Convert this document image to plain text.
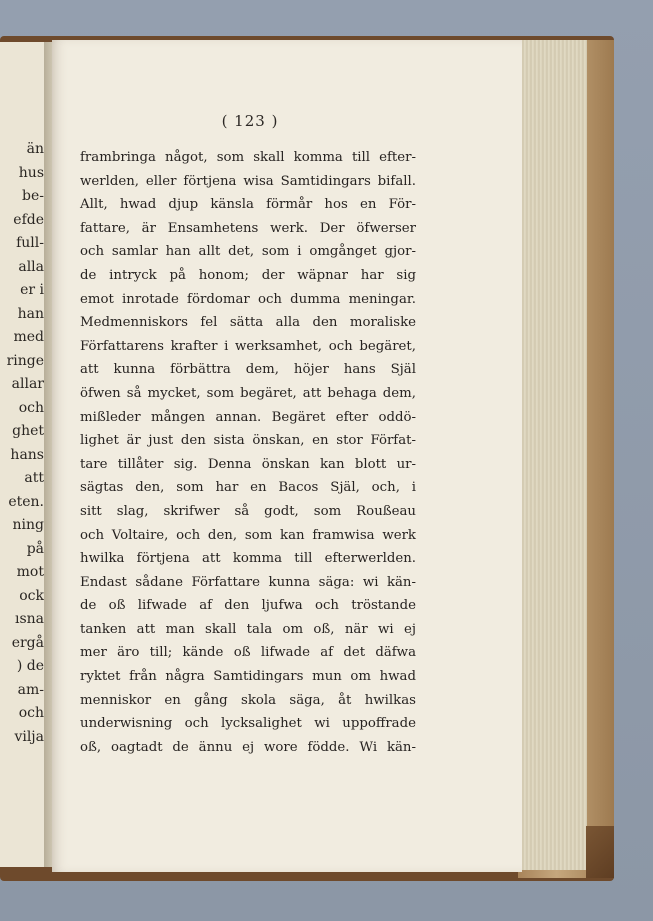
än
hus
be-
efde
full-
alla
er i
han
med
ringe
allar
och
ghet
hans
att
eten.
ning
på
mot
ock
ısna
ergå
) de
am-
och
vilja
( 123 )
frambringa något, som skall komma till efter-
werlden, eller förtjena wisa Samtidingars bifall.
Allt, hwad djup känsla förmår hos en För-
fattare, är Ensamhetens werk. Der öfwerser
och samlar han allt det, som i omgånget gjor-
de intryck på honom; der wäpnar har sig
emot inrotade fördomar och dumma meningar.
Medmenniskors fel sätta alla den moraliske
Författarens krafter i werksamhet, och begäret,
att kunna förbättra dem, höjer hans Själ
öfwen så mycket, som begäret, att behaga dem,
mißleder mången annan. Begäret efter oddö-
lighet är just den sista önskan, en stor Förfat-
tare tillåter sig. Denna önskan kan blott ur-
sägtas den, som har en Bacos Själ, och, i
sitt slag, skrifwer så godt, som Roußeau
och Voltaire, och den, som kan framwisa werk
hwilka förtjena att komma till efterwerlden.
Endast sådane Författare kunna säga: wi kän-
de oß lifwade af den ljufwa och tröstande
tanken att man skall tala om oß, när wi ej
mer äro till; kände oß lifwade af det däfwa
ryktet från några Samtidingars mun om hwad
menniskor en gång skola säga, åt hwilkas
underwisning och lycksalighet wi uppoffrade
oß, oagtadt de ännu ej wore födde. Wi kän-
